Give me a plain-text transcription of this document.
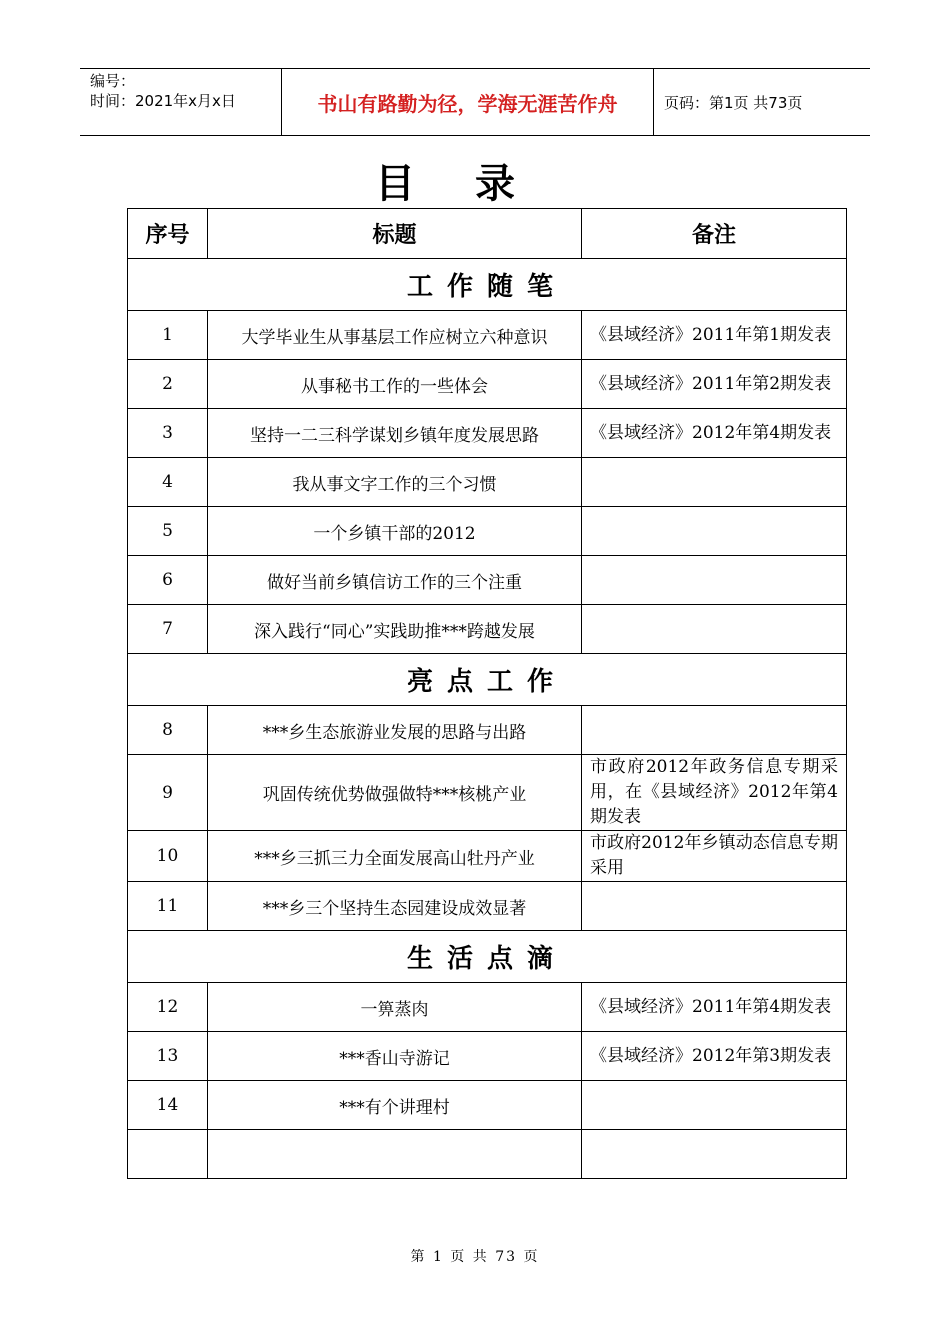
编号：
时间：2021年x月x日	书山有路勤为径，学海无涯苦作舟	页码：第1页 共73页
目录
序号	标题	备注
工作随笔		
1	大学毕业生从事基层工作应树立六种意识	《县域经济》2011年第1期发表
2	从事秘书工作的一些体会	《县域经济》2011年第2期发表
3	坚持一二三科学谋划乡镇年度发展思路	《县域经济》2012年第4期发表
4	我从事文字工作的三个习惯	
5	一个乡镇干部的2012	
6	做好当前乡镇信访工作的三个注重	
7	深入践行“同心”实践助推***跨越发展	
亮点工作		
8	***乡生态旅游业发展的思路与出路	
9	巩固传统优势做强做特***核桃产业	市政府2012年政务信息专期采用，在《县域经济》2012年第4期发表
10	***乡三抓三力全面发展高山牡丹产业	市政府2012年乡镇动态信息专期采用
11	***乡三个坚持生态园建设成效显著	
生活点滴		
12	一箅蒸肉	《县域经济》2011年第4期发表
13	***香山寺游记	《县域经济》2012年第3期发表
14	***有个讲理村	

第 1 页 共 73 页
